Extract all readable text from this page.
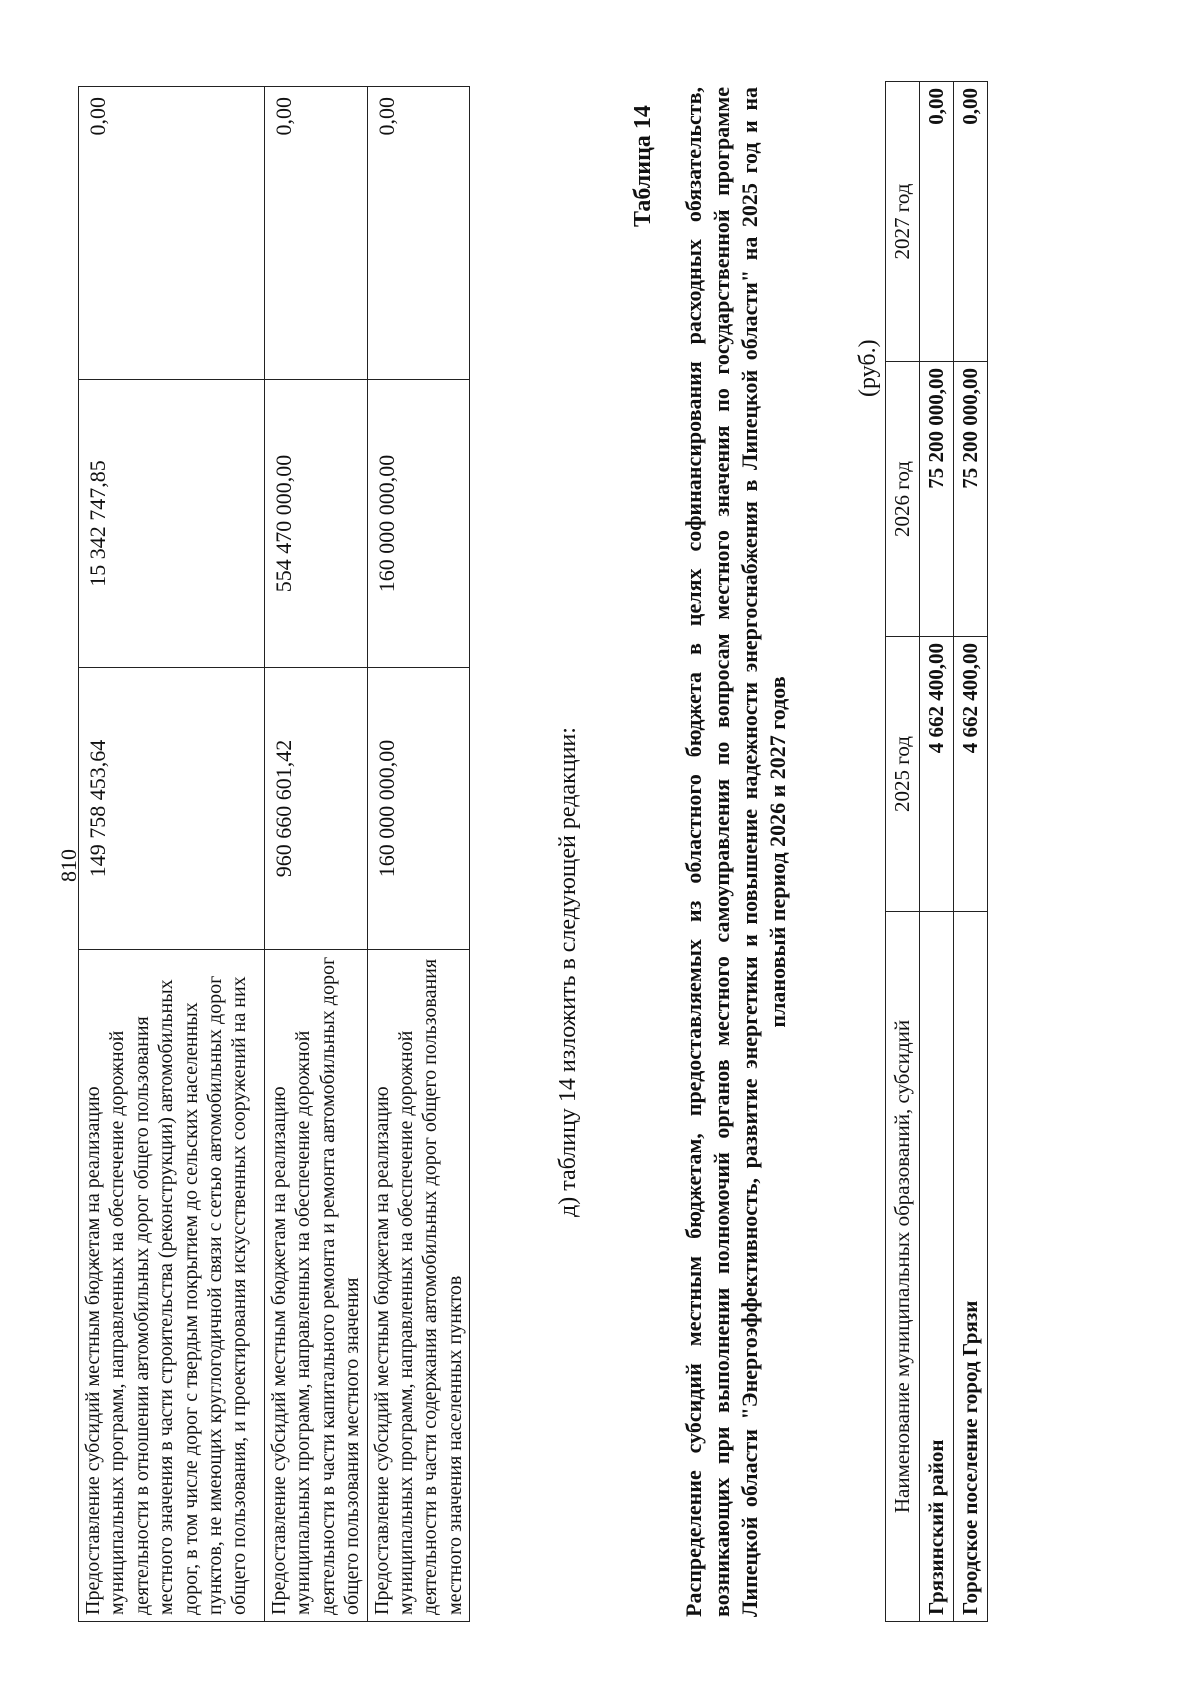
810
Предоставление субсидий местным бюджетам на реализацию муниципальных программ, направленных на обеспечение дорожной деятельности в отношении автомобильных дорог общего пользования местного значения в части строительства (реконструкции) автомобильных дорог, в том числе дорог с твердым покрытием до сельских населенных пунктов, не имеющих круглогодичной связи с сетью автомобильных дорог общего пользования, и проектирования искусственных сооружений на них	149 758 453,64	15 342 747,85	0,00
Предоставление субсидий местным бюджетам на реализацию муниципальных программ, направленных на обеспечение дорожной деятельности в части капитального ремонта и ремонта автомобильных дорог общего пользования местного значения	960 660 601,42	554 470 000,00	0,00
Предоставление субсидий местным бюджетам на реализацию муниципальных программ, направленных на обеспечение дорожной деятельности в части содержания автомобильных дорог общего пользования местного значения населенных пунктов	160 000 000,00	160 000 000,00	0,00
д) таблицу 14 изложить в следующей редакции:
Таблица 14 Распределение субсидий местным бюджетам, предоставляемых из областного бюджета в целях софинансирования расходных обязательств, возникающих при выполнении полномочий органов местного самоуправления по вопросам местного значения по государственной программе Липецкой области "Энергоэффективность, развитие энергетики и повышение надежности энергоснабжения в Липецкой области" на 2025 год и на плановый период 2026 и 2027 годов

(руб.)
Наименование муниципальных образований, субсидий	2025 год	2026 год	2027 год
Грязинский район	4 662 400,00	75 200 000,00	0,00
Городское поселение город Грязи	4 662 400,00	75 200 000,00	0,00
